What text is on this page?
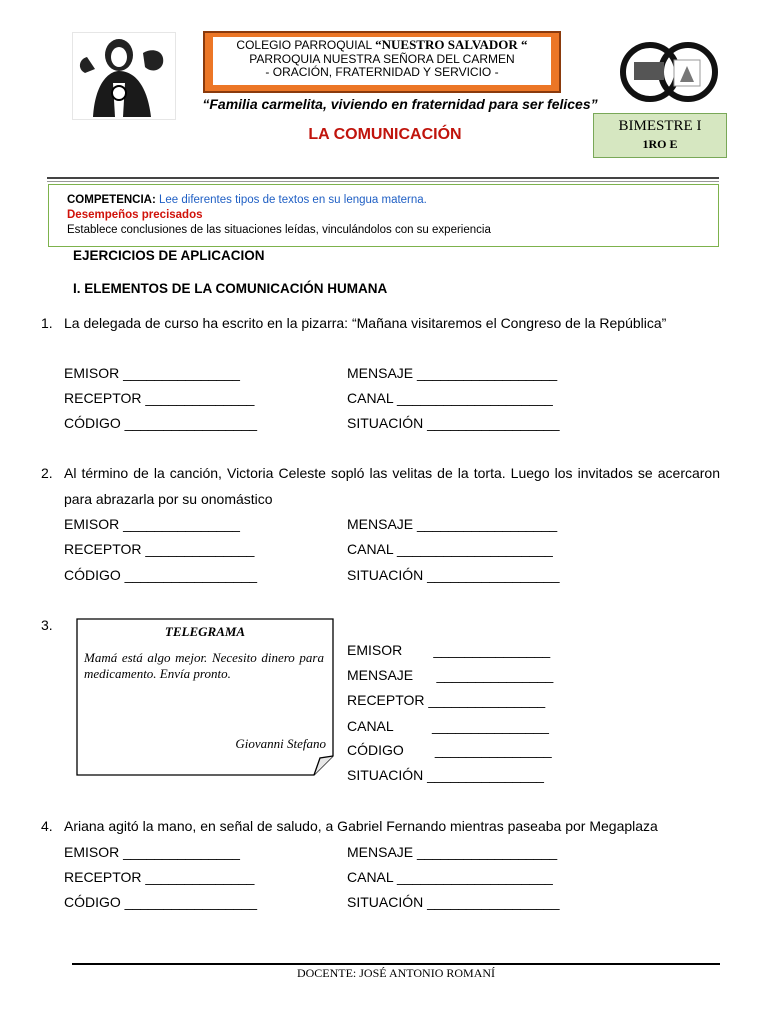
COLEGIO PARROQUIAL “NUESTRO SALVADOR “
PARROQUIA NUESTRA SEÑORA DEL CARMEN
- ORACIÓN, FRATERNIDAD Y SERVICIO -
“Familia carmelita, viviendo en fraternidad para ser felices”
LA COMUNICACIÓN	BIMESTRE I
1RO E
COMPETENCIA: Lee diferentes tipos de textos en su lengua materna.
Desempeños precisados
Establece conclusiones de las situaciones leídas, vinculándolos con su experiencia
EJERCICIOS DE APLICACION
I. ELEMENTOS DE LA COMUNICACIÓN HUMANA
1. La delegada de curso ha escrito en la pizarra: “Mañana visitaremos el Congreso de la República”
EMISOR _______________	MENSAJE __________________
RECEPTOR ______________	CANAL ____________________
CÓDIGO _________________	SITUACIÓN _________________
2. Al término de la canción, Victoria Celeste sopló las velitas de la torta. Luego los invitados se acercaron para abrazarla por su onomástico
EMISOR _______________	MENSAJE __________________
RECEPTOR ______________	CANAL ____________________
CÓDIGO _________________	SITUACIÓN _________________
3.	TELEGRAMA
Mamá está algo mejor. Necesito dinero para medicamento. Envía pronto.
Giovanni Stefano
EMISOR        _______________
MENSAJE      _______________
RECEPTOR _______________
CANAL          _______________
CÓDIGO        _______________
SITUACIÓN _______________
4. Ariana agitó la mano, en señal de saludo, a Gabriel Fernando mientras paseaba por Megaplaza
EMISOR _______________	MENSAJE __________________
RECEPTOR ______________	CANAL ____________________
CÓDIGO _________________	SITUACIÓN _________________
DOCENTE: JOSÉ ANTONIO ROMANÍ
